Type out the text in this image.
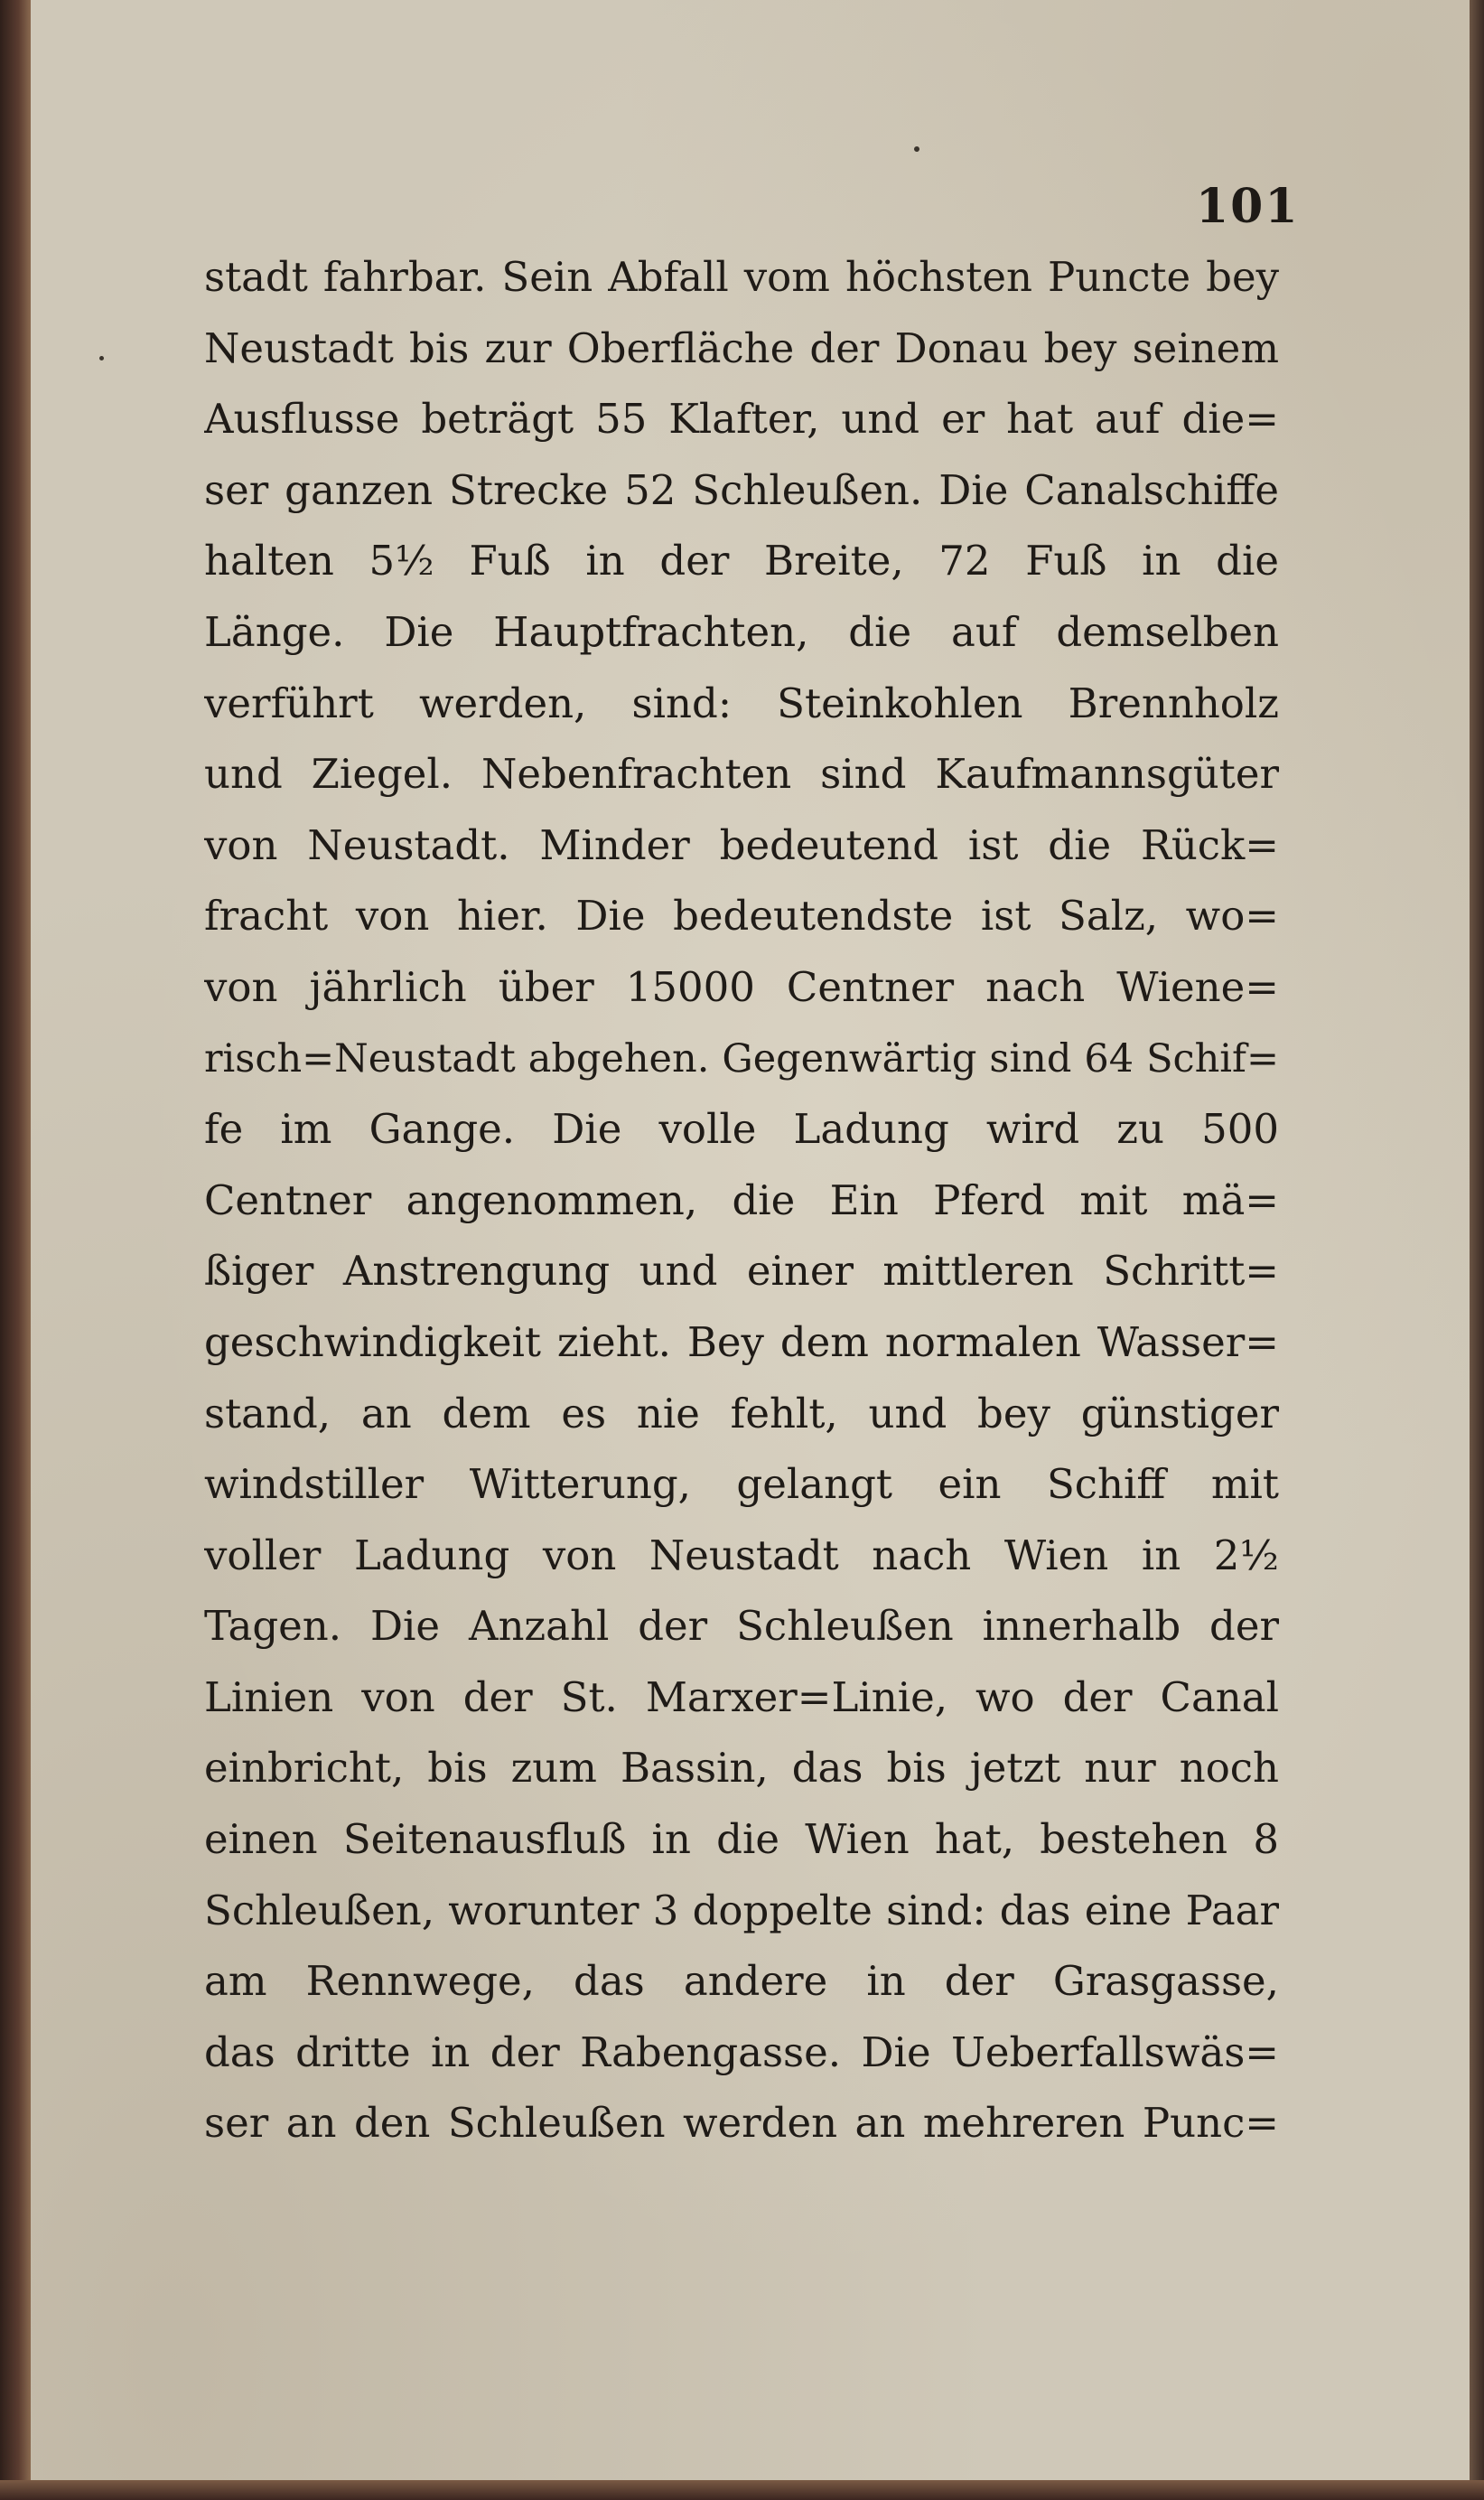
101
stadt fahrbar. Sein Abfall vom höchsten Puncte bey
Neustadt bis zur Oberfläche der Donau bey seinem
Ausflusse beträgt 55 Klafter, und er hat auf die=
ser ganzen Strecke 52 Schleußen. Die Canalschiffe
halten 5½ Fuß in der Breite, 72 Fuß in die
Länge. Die Hauptfrachten, die auf demselben
verführt werden, sind: Steinkohlen Brennholz
und Ziegel. Nebenfrachten sind Kaufmannsgüter
von Neustadt. Minder bedeutend ist die Rück=
fracht von hier. Die bedeutendste ist Salz, wo=
von jährlich über 15000 Centner nach Wiene=
risch=Neustadt abgehen. Gegenwärtig sind 64 Schif=
fe im Gange. Die volle Ladung wird zu 500
Centner angenommen, die Ein Pferd mit mä=
ßiger Anstrengung und einer mittleren Schritt=
geschwindigkeit zieht. Bey dem normalen Wasser=
stand, an dem es nie fehlt, und bey günstiger
windstiller Witterung, gelangt ein Schiff mit
voller Ladung von Neustadt nach Wien in 2½
Tagen. Die Anzahl der Schleußen innerhalb der
Linien von der St. Marxer=Linie, wo der Canal
einbricht, bis zum Bassin, das bis jetzt nur noch
einen Seitenausfluß in die Wien hat, bestehen 8
Schleußen, worunter 3 doppelte sind: das eine Paar
am Rennwege, das andere in der Grasgasse,
das dritte in der Rabengasse. Die Ueberfallswäs=
ser an den Schleußen werden an mehreren Punc=
